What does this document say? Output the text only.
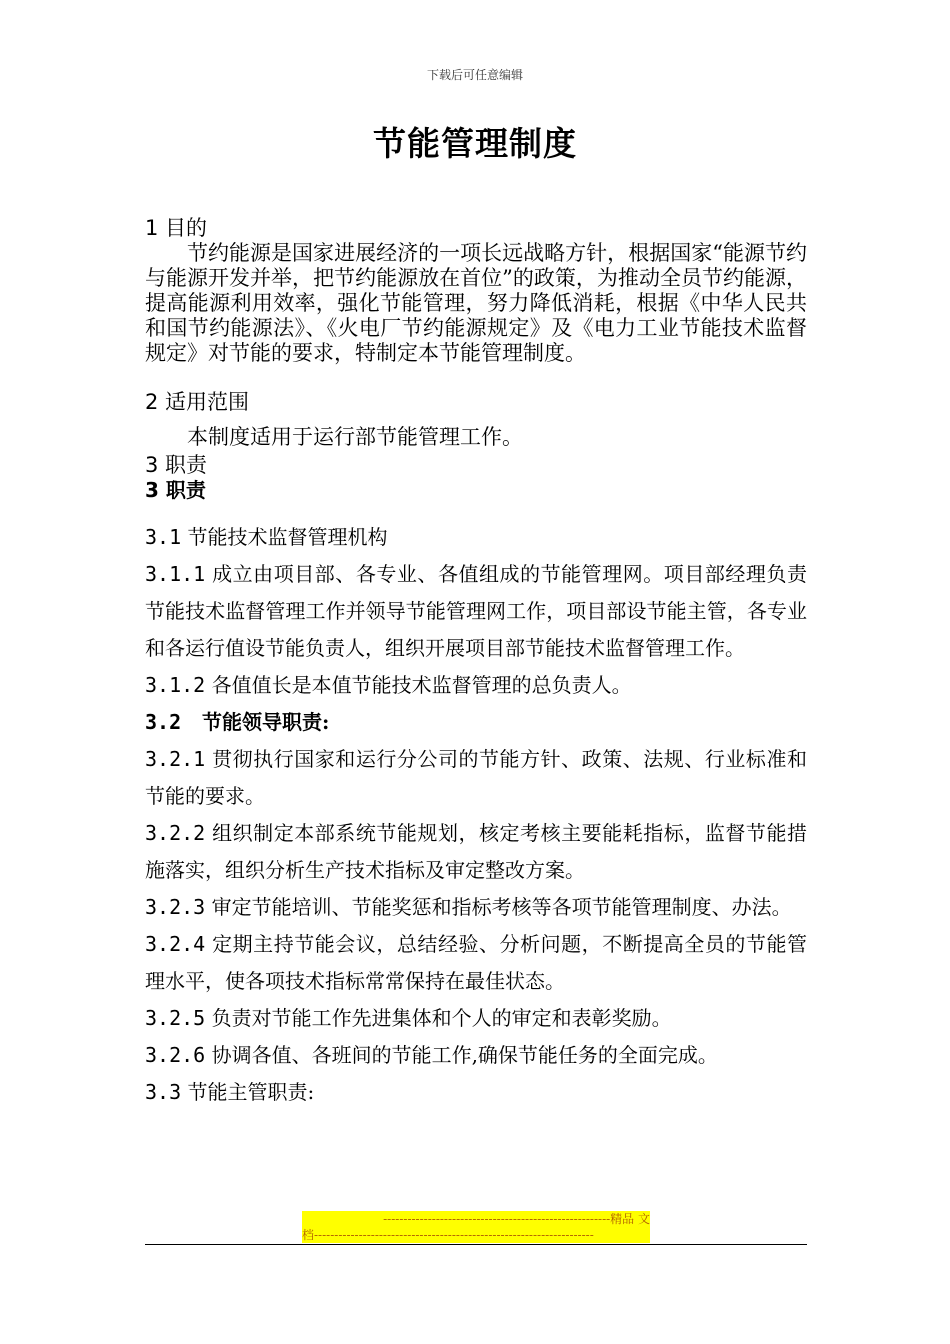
下载后可任意编辑
节能管理制度

1 目的

节约能源是国家进展经济的一项长远战略方针，根据国家“能源节约与能源开发并举，把节约能源放在首位”的政策，为推动全员节约能源，提高能源利用效率，强化节能管理，努力降低消耗，根据《中华人民共和国节约能源法》、《火电厂节约能源规定》及《电力工业节能技术监督规定》对节能的要求，特制定本节能管理制度。

2 适用范围

本制度适用于运行部节能管理工作。

3 职责

3 职责

3.1 节能技术监督管理机构

3.1.1 成立由项目部、各专业、各值组成的节能管理网。项目部经理负责节能技术监督管理工作并领导节能管理网工作，项目部设节能主管，各专业和各运行值设节能负责人，组织开展项目部节能技术监督管理工作。

3.1.2 各值值长是本值节能技术监督管理的总负责人。

3.2 节能领导职责:

3.2.1 贯彻执行国家和运行分公司的节能方针、政策、法规、行业标准和节能的要求。

3.2.2 组织制定本部系统节能规划，核定考核主要能耗指标，监督节能措施落实，组织分析生产技术指标及审定整改方案。

3.2.3 审定节能培训、节能奖惩和指标考核等各项节能管理制度、办法。

3.2.4 定期主持节能会议，总结经验、分析问题，不断提高全员的节能管理水平，使各项技术指标常常保持在最佳状态。

3.2.5 负责对节能工作先进集体和个人的审定和表彰奖励。

3.2.6 协调各值、各班间的节能工作,确保节能任务的全面完成。

3.3 节能主管职责:

--------------------------------------------------------精品 文
档---------------------------------------------------------------------
